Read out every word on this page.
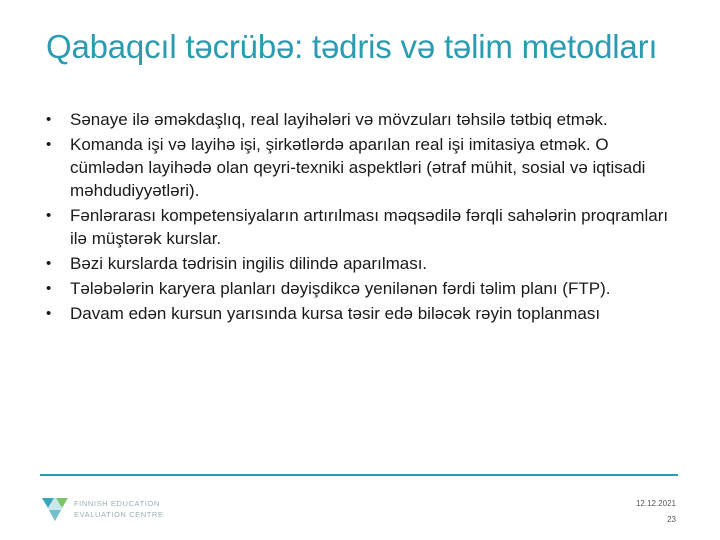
Qabaqcıl təcrübə: tədris və təlim metodları
•	Sənaye ilə əməkdaşlıq, real layihələri və mövzuları təhsilə tətbiq etmək.
•	Komanda işi və layihə işi, şirkətlərdə aparılan real işi imitasiya etmək. O cümlədən layihədə olan qeyri-texniki aspektləri (ətraf mühit, sosial və iqtisadi məhdudiyyətləri).
•	Fənlərarası kompetensiyaların artırılması məqsədilə fərqli sahələrin proqramları ilə müştərək kurslar.
•	Bəzi kurslarda tədrisin ingilis dilində aparılması.
•	Tələbələrin karyera planları dəyişdikcə yenilənən fərdi təlim planı (FTP).
•	Davam edən kursun yarısında kursa təsir edə biləcək rəyin toplanması
FINNISH EDUCATION
EVALUATION CENTRE
12.12.2021
23
